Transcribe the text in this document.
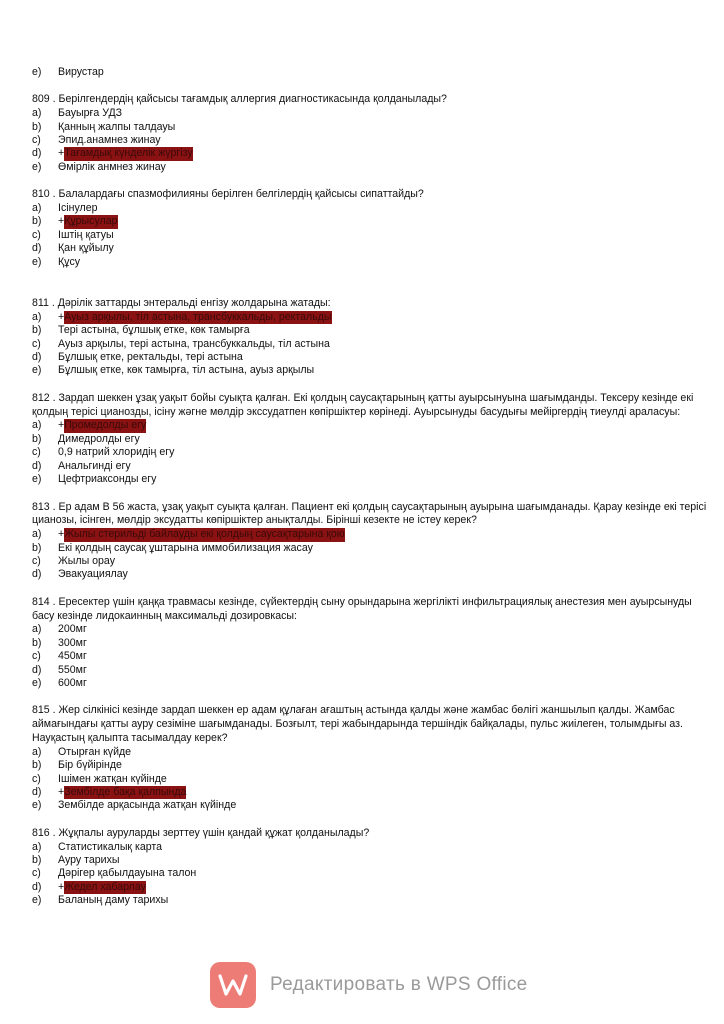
e)	Вирустар
809 . Берілгендердің қайсысы тағамдық аллергия диагностикасында қолданылады?
a)	Бауырға УДЗ
b)	Қанның жалпы талдауы
c)	Эпид.анамнез жинау
d)	+ Тағамдық күнделік жүргізу
e)	Өмірлік анмнез жинау
810 . Балалардағы спазмофилияны берілген белгілердің қайсысы сипаттайды?
a)	Ісінулер
b)	+ Құрысулар
c)	Іштің қатуы
d)	Қан құйылу
e)	Құсу
811 . Дәрілік заттарды энтеральді енгізу жолдарына жатады:
a)	+ Ауыз арқылы, тіл астына, трансбуккальды, ректальды
b)	Тері астына, бұлшық етке, көк тамырға
c)	Ауыз арқылы, тері астына, трансбуккальды, тіл астына
d)	Бұлшық етке, ректальды, тері астына
e)	Бұлшық етке, көк тамырға, тіл астына, ауыз арқылы
812 . Зардап шеккен ұзақ уақыт бойы суықта қалған. Екі қолдың саусақтарының қатты ауырсынуына шағымданды. Тексеру кезінде екі қолдың терісі цианозды, ісіну жәгне мөлдір экссудатпен көпіршіктер көрінеді. Ауырсынуды басудығы мейіргердің тиеулді араласуы:
a)	+ Промедолды егу
b)	Димедролды егу
c)	0,9 натрий хлоридің егу
d)	Анальгинді егу
e)	Цефтриаксонды егу
813 . Ер адам В 56 жаста, ұзақ уақыт суықта қалған. Пациент екі қолдың саусақтарының ауырына шағымданады. Қарау кезінде екі терісі цианозы, ісінген, мөлдір эксудатты көпіршіктер анықталды. Бірінші кезекте не істеу керек?
a)	+ Жылы стерильді байлауды екі қолдың саусақтарына қою
b)	Екі қолдың саусақ ұштарына иммобилизация жасау
c)	Жылы орау
d)	Эвакуациялау
814 . Ересектер үшін қаңқа травмасы кезінде, сүйектердің сыну орындарына жергілікті инфильтрациялық анестезия мен ауырсынуды басу кезінде лидокаинның максимальді дозировкасы:
a)	200мг
b)	300мг
c)	450мг
d)	550мг
e)	600мг
815 . Жер сілкінісі кезінде зардап шеккен ер адам құлаған ағаштың астында қалды және жамбас бөлігі жаншылып қалды. Жамбас аймағындағы қатты ауру сезіміне шағымданады. Бозғылт, тері жабындарында тершіндік байқалады, пульс жиілеген, толымдығы аз. Науқастың қалыпта тасымалдау керек?
a)	Отырған күйде
b)	Бір бүйірінде
c)	Ішімен жатқан күйінде
d)	+ Зембілде бақа қалпында
e)	Зембілде арқасында жатқан күйінде
816 . Жұқпалы ауруларды зерттеу үшін қандай құжат қолданылады?
a)	Статистикалық карта
b)	Ауру тарихы
c)	Дәрігер қабылдауына талон
d)	+ Жедел хабарлау
e)	Баланың даму тарихы
Редактировать в WPS Office
